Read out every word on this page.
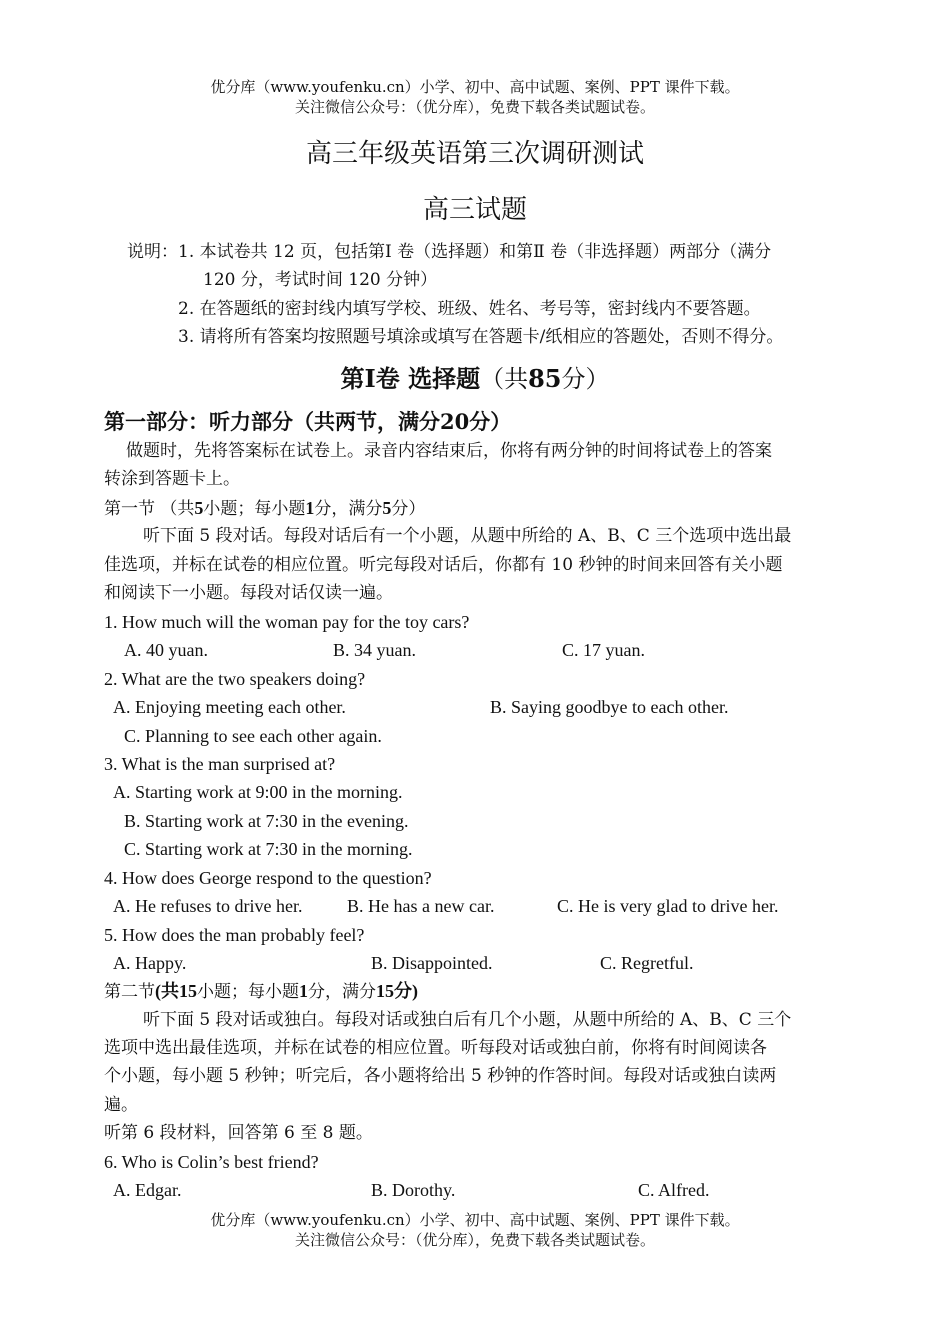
优分库（www.youfenku.cn）小学、初中、高中试题、案例、PPT 课件下载。
关注微信公众号：（优分库），免费下载各类试题试卷。
高三年级英语第三次调研测试
高三试题
说明：1. 本试卷共 12 页，包括第Ⅰ 卷（选择题）和第Ⅱ 卷（非选择题）两部分（满分
120 分，考试时间 120 分钟）
2. 在答题纸的密封线内填写学校、班级、姓名、考号等，密封线内不要答题。
3. 请将所有答案均按照题号填涂或填写在答题卡/纸相应的答题处，否则不得分。
第Ⅰ卷 选择题（共85分）
第一部分：听力部分（共两节，满分20分）
做题时，先将答案标在试卷上。录音内容结束后，你将有两分钟的时间将试卷上的答案
转涂到答题卡上。
第一节 （共5小题；每小题1分，满分5分）
听下面 5 段对话。每段对话后有一个小题，从题中所给的 A、B、C 三个选项中选出最
佳选项，并标在试卷的相应位置。听完每段对话后，你都有 10 秒钟的时间来回答有关小题
和阅读下一小题。每段对话仅读一遍。
1. How much will the woman pay for the toy cars?
A. 40 yuan.	B. 34 yuan.	C. 17 yuan.
2. What are the two speakers doing?
A. Enjoying meeting each other.	B. Saying goodbye to each other.
C. Planning to see each other again.
3. What is the man surprised at?
A. Starting work at 9:00 in the morning.
B. Starting work at 7:30 in the evening.
C. Starting work at 7:30 in the morning.
4. How does George respond to the question?
A. He refuses to drive her. B. He has a new car.	C. He is very glad to drive her.
5. How does the man probably feel?
A. Happy.	B. Disappointed.	C. Regretful.
第二节(共15小题；每小题1分，满分15分)
听下面 5 段对话或独白。每段对话或独白后有几个小题，从题中所给的 A、B、C 三个
选项中选出最佳选项，并标在试卷的相应位置。听每段对话或独白前，你将有时间阅读各
个小题，每小题 5 秒钟；听完后，各小题将给出 5 秒钟的作答时间。每段对话或独白读两
遍。
听第 6 段材料，回答第 6 至 8 题。
6. Who is Colin’s best friend?
A. Edgar.	B. Dorothy.	C. Alfred.
优分库（www.youfenku.cn）小学、初中、高中试题、案例、PPT 课件下载。
关注微信公众号：（优分库），免费下载各类试题试卷。
